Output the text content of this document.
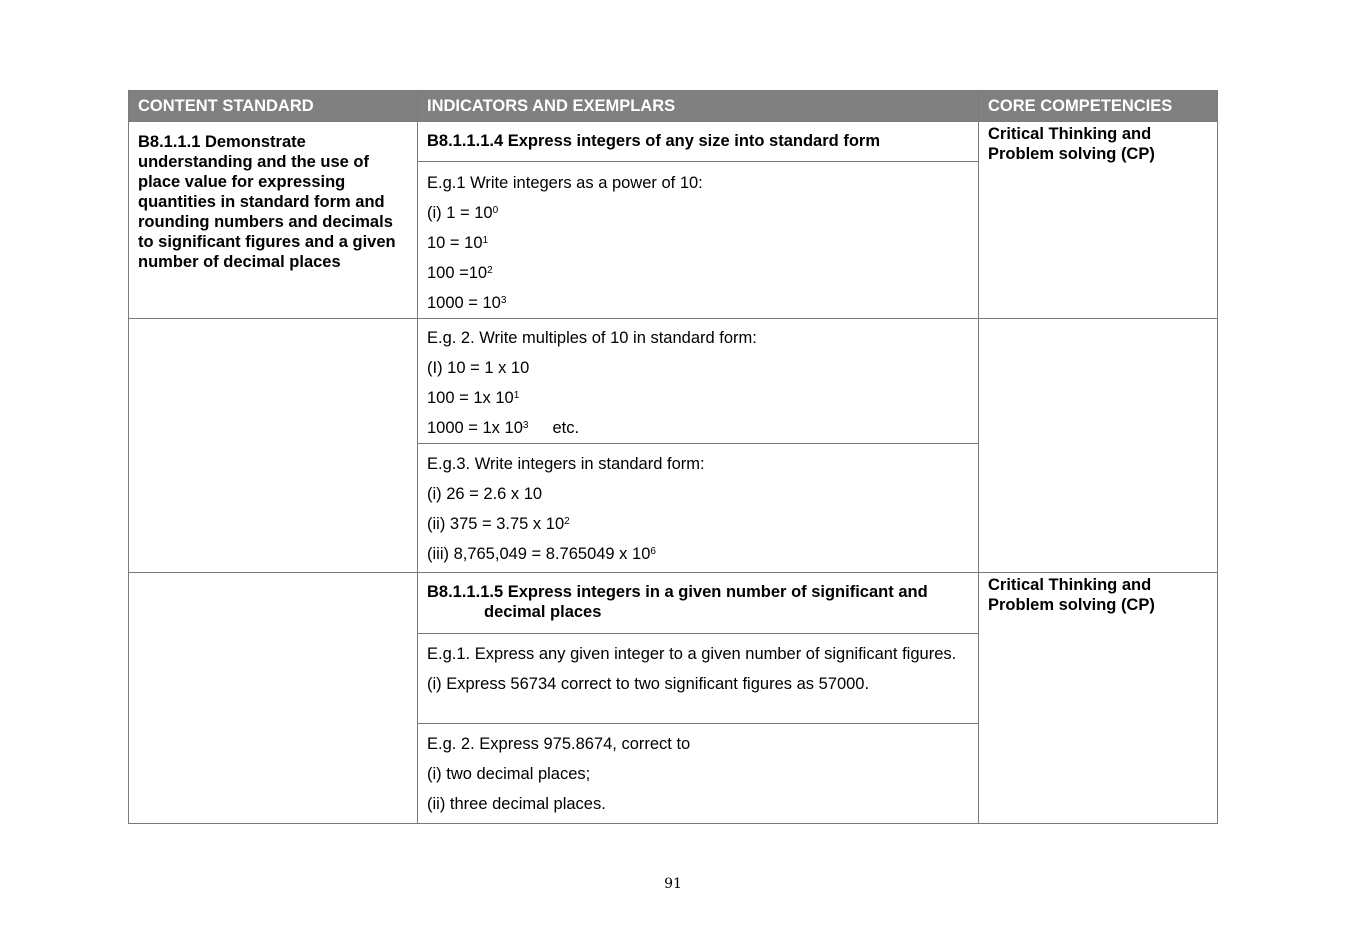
CONTENT STANDARD	INDICATORS AND EXEMPLARS	CORE COMPETENCIES
B8.1.1.1 Demonstrate understanding and the use of place value for expressing quantities in standard form and rounding numbers and decimals to significant figures and a given number of decimal places	B8.1.1.1.4 Express integers of any size into standard form	Critical Thinking and Problem solving (CP)

	E.g.1 Write integers as a power of 10:
(i) $1 = 10^0$
$10 = 10^1$
$100 =10^2$
$1000 = 10^3$

	E.g. 2. Write multiples of 10 in standard form:
(I) 10 = 1 x 10
100 = 1x $10^1$
1000 = 1x $10^3$ etc.	

	E.g.3. Write integers in standard form:
(i) 26 = 2.6 x 10
(ii) 375 = 3.75 x $10^2$
(iii) 8,765,049 = 8.765049 x $10^6$

	B8.1.1.1.5 Express integers in a given number of significant and
decimal places	Critical Thinking and Problem solving (CP)

	E.g.1. Express any given integer to a given number of significant figures.
(i) Express 56734 correct to two significant figures as 57000.	

	E.g. 2. Express 975.8674, correct to
(i) two decimal places;
(ii) three decimal places.	
91
